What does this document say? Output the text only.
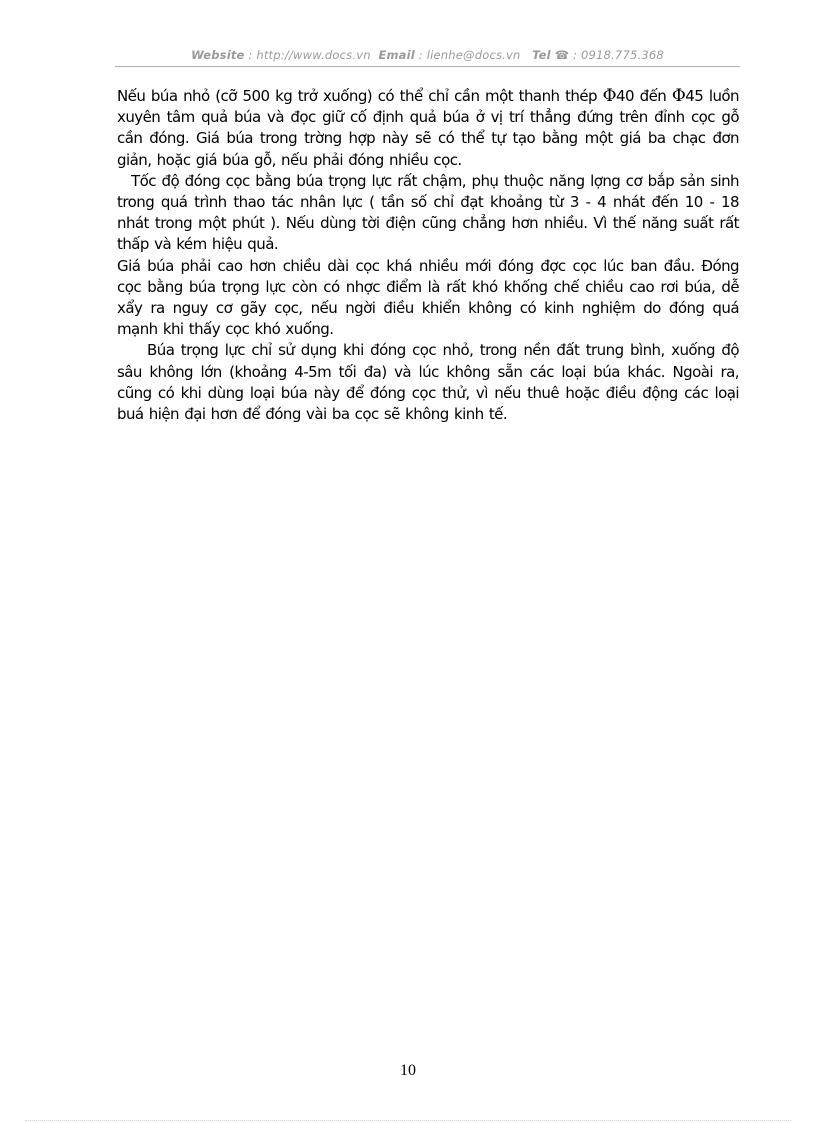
Website : http://www.docs.vn Email : lienhe@docs.vn Tel ☎ : 0918.775.368

Nếu búa nhỏ (cỡ 500 kg trở xuống) có thể chỉ cần một thanh thép Φ40 đến Φ45 luồn xuyên tâm quả búa và đọc giữ cố định quả búa ở vị trí thẳng đứng trên đỉnh cọc gỗ cần đóng. Giá búa trong trờng hợp này sẽ có thể tự tạo bằng một giá ba chạc đơn giản, hoặc giá búa gỗ, nếu phải đóng nhiều cọc.

Tốc độ đóng cọc bằng búa trọng lực rất chậm, phụ thuộc năng lợng cơ bắp sản sinh trong quá trình thao tác nhân lực ( tần số chỉ đạt khoảng từ 3 - 4 nhát đến 10 - 18 nhát trong một phút ). Nếu dùng tời điện cũng chẳng hơn nhiều. Vì thế năng suất rất thấp và kém hiệu quả.

Giá búa phải cao hơn chiều dài cọc khá nhiều mới đóng đợc cọc lúc ban đầu. Đóng cọc bằng búa trọng lực còn có nhợc điểm là rất khó khống chế chiều cao rơi búa, dễ xẩy ra nguy cơ gãy cọc, nếu ngời điều khiển không có kinh nghiệm do đóng quá mạnh khi thấy cọc khó xuống.

Búa trọng lực chỉ sử dụng khi đóng cọc nhỏ, trong nền đất trung bình, xuống độ sâu không lớn (khoảng 4-5m tối đa) và lúc không sẵn các loại búa khác. Ngoài ra, cũng có khi dùng loại búa này để đóng cọc thử, vì nếu thuê hoặc điều động các loại buá hiện đại hơn để đóng vài ba cọc sẽ không kinh tế.

10
